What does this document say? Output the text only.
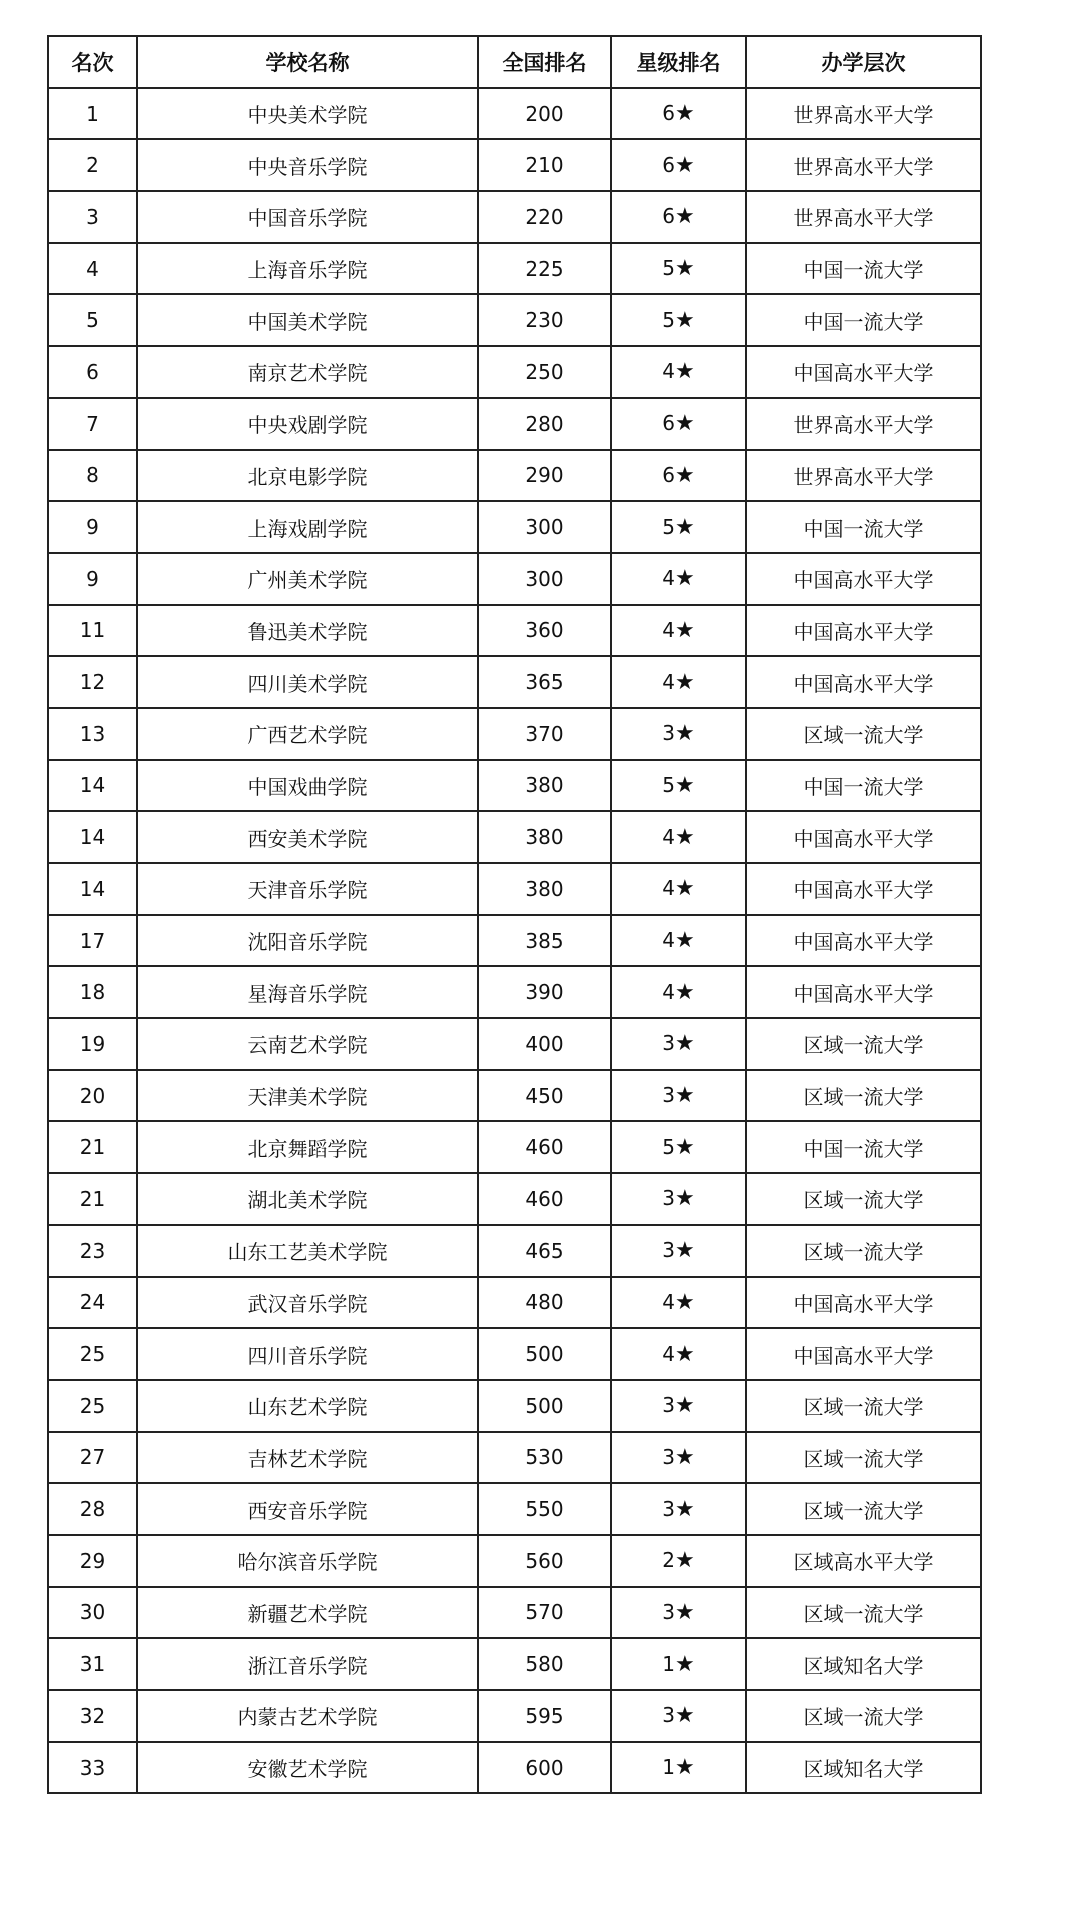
名次	学校名称	全国排名	星级排名	办学层次
1	中央美术学院	200	6★	世界高水平大学
2	中央音乐学院	210	6★	世界高水平大学
3	中国音乐学院	220	6★	世界高水平大学
4	上海音乐学院	225	5★	中国一流大学
5	中国美术学院	230	5★	中国一流大学
6	南京艺术学院	250	4★	中国高水平大学
7	中央戏剧学院	280	6★	世界高水平大学
8	北京电影学院	290	6★	世界高水平大学
9	上海戏剧学院	300	5★	中国一流大学
9	广州美术学院	300	4★	中国高水平大学
11	鲁迅美术学院	360	4★	中国高水平大学
12	四川美术学院	365	4★	中国高水平大学
13	广西艺术学院	370	3★	区域一流大学
14	中国戏曲学院	380	5★	中国一流大学
14	西安美术学院	380	4★	中国高水平大学
14	天津音乐学院	380	4★	中国高水平大学
17	沈阳音乐学院	385	4★	中国高水平大学
18	星海音乐学院	390	4★	中国高水平大学
19	云南艺术学院	400	3★	区域一流大学
20	天津美术学院	450	3★	区域一流大学
21	北京舞蹈学院	460	5★	中国一流大学
21	湖北美术学院	460	3★	区域一流大学
23	山东工艺美术学院	465	3★	区域一流大学
24	武汉音乐学院	480	4★	中国高水平大学
25	四川音乐学院	500	4★	中国高水平大学
25	山东艺术学院	500	3★	区域一流大学
27	吉林艺术学院	530	3★	区域一流大学
28	西安音乐学院	550	3★	区域一流大学
29	哈尔滨音乐学院	560	2★	区域高水平大学
30	新疆艺术学院	570	3★	区域一流大学
31	浙江音乐学院	580	1★	区域知名大学
32	内蒙古艺术学院	595	3★	区域一流大学
33	安徽艺术学院	600	1★	区域知名大学
